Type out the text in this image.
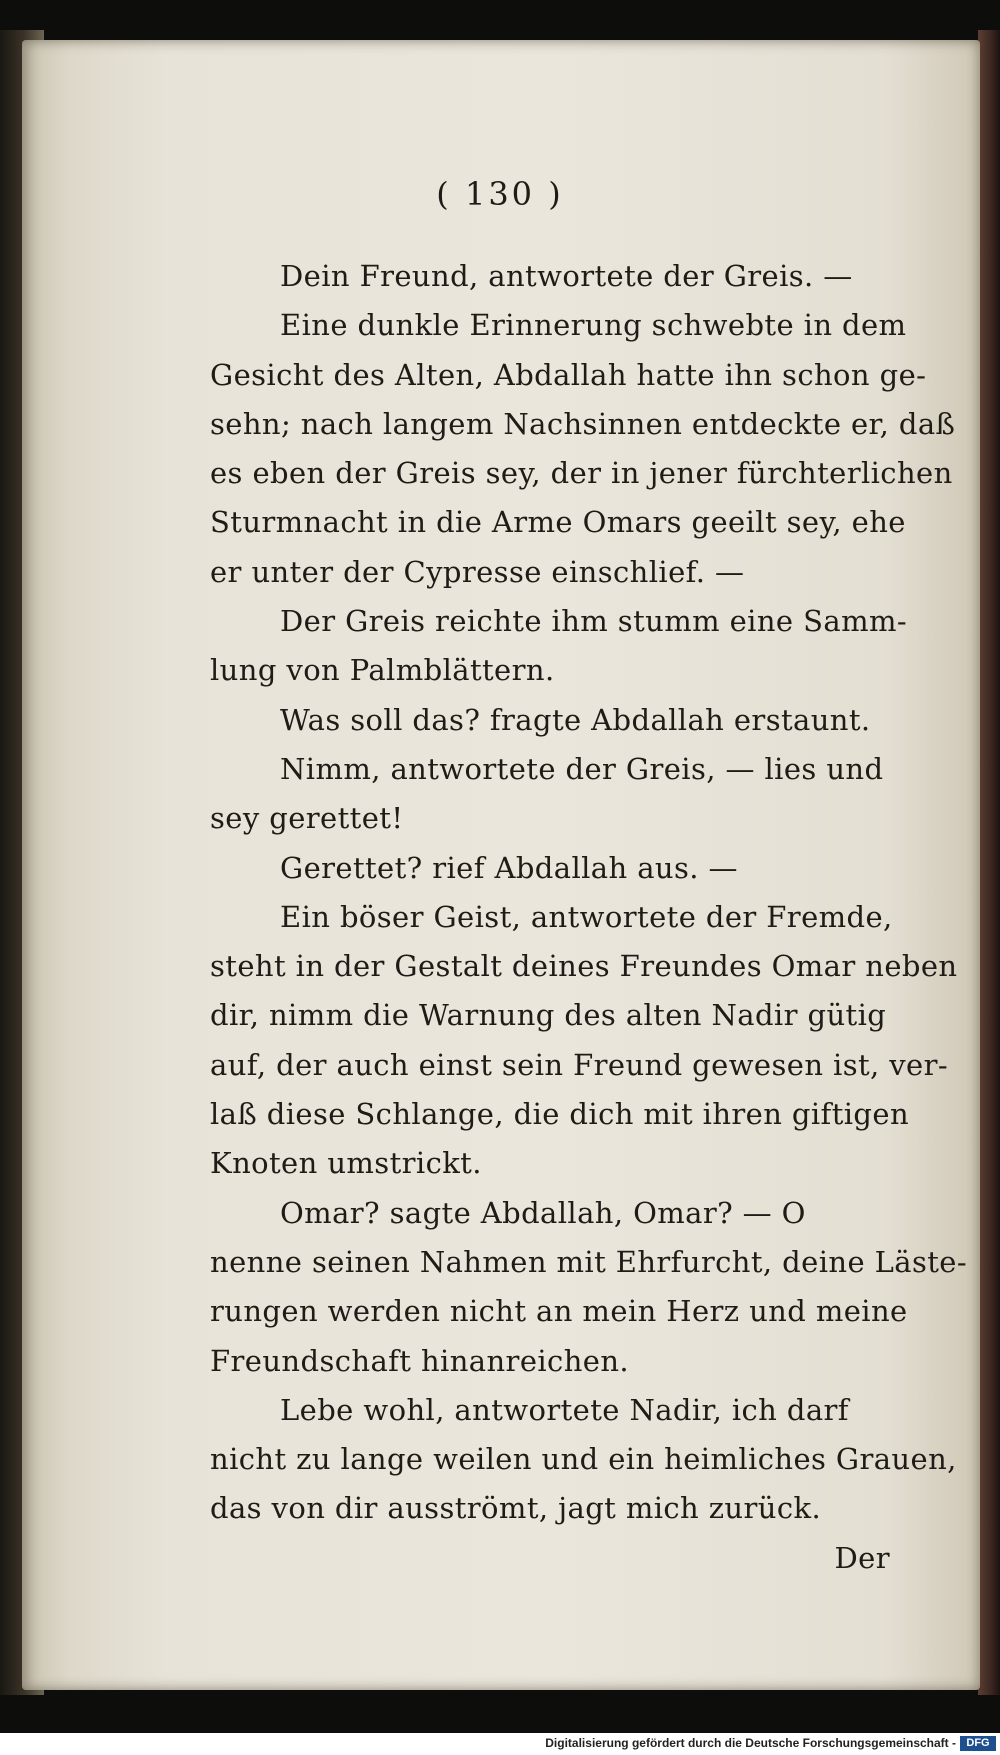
( 130 )
Dein Freund, antwortete der Greis. —
Eine dunkle Erinnerung schwebte in dem
Gesicht des Alten, Abdallah hatte ihn schon ge-
sehn; nach langem Nachsinnen entdeckte er, daß
es eben der Greis sey, der in jener fürchterlichen
Sturmnacht in die Arme Omars geeilt sey, ehe
er unter der Cypresse einschlief. —
Der Greis reichte ihm stumm eine Samm-
lung von Palmblättern.
Was soll das? fragte Abdallah erstaunt.
Nimm, antwortete der Greis, — lies und
sey gerettet!
Gerettet? rief Abdallah aus. —
Ein böser Geist, antwortete der Fremde,
steht in der Gestalt deines Freundes Omar neben
dir, nimm die Warnung des alten Nadir gütig
auf, der auch einst sein Freund gewesen ist, ver-
laß diese Schlange, die dich mit ihren giftigen
Knoten umstrickt.
Omar? sagte Abdallah, Omar? — O
nenne seinen Nahmen mit Ehrfurcht, deine Läste-
rungen werden nicht an mein Herz und meine
Freundschaft hinanreichen.
Lebe wohl, antwortete Nadir, ich darf
nicht zu lange weilen und ein heimliches Grauen,
das von dir ausströmt, jagt mich zurück.
Der
Digitalisierung gefördert durch die Deutsche Forschungsgemeinschaft - DFG
